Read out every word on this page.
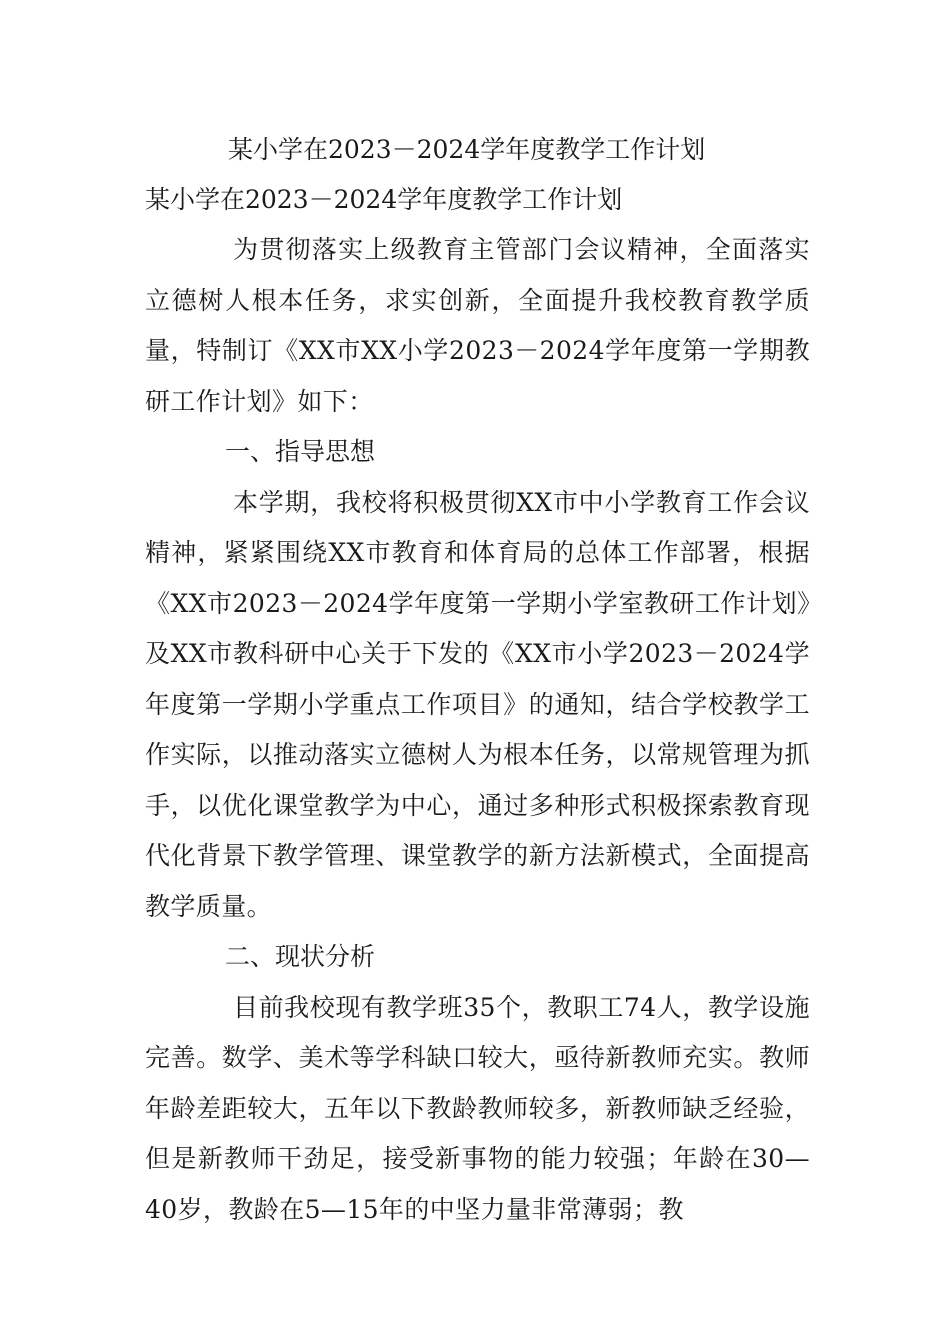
某小学在2023－2024学年度教学工作计划
某小学在2023－2024学年度教学工作计划

为贯彻落实上级教育主管部门会议精神，全面落实立德树人根本任务，求实创新，全面提升我校教育教学质量，特制订《XX市XX小学2023－2024学年度第一学期教研工作计划》如下：

一、指导思想

本学期，我校将积极贯彻XX市中小学教育工作会议精神，紧紧围绕XX市教育和体育局的总体工作部署，根据《XX市2023－2024学年度第一学期小学室教研工作计划》及XX市教科研中心关于下发的《XX市小学2023－2024学年度第一学期小学重点工作项目》的通知，结合学校教学工作实际，以推动落实立德树人为根本任务，以常规管理为抓手，以优化课堂教学为中心，通过多种形式积极探索教育现代化背景下教学管理、课堂教学的新方法新模式，全面提高教学质量。

二、现状分析

目前我校现有教学班35个，教职工74人，教学设施完善。数学、美术等学科缺口较大，亟待新教师充实。教师年龄差距较大，五年以下教龄教师较多，新教师缺乏经验，但是新教师干劲足，接受新事物的能力较强；年龄在30—40岁，教龄在5—15年的中坚力量非常薄弱；教
